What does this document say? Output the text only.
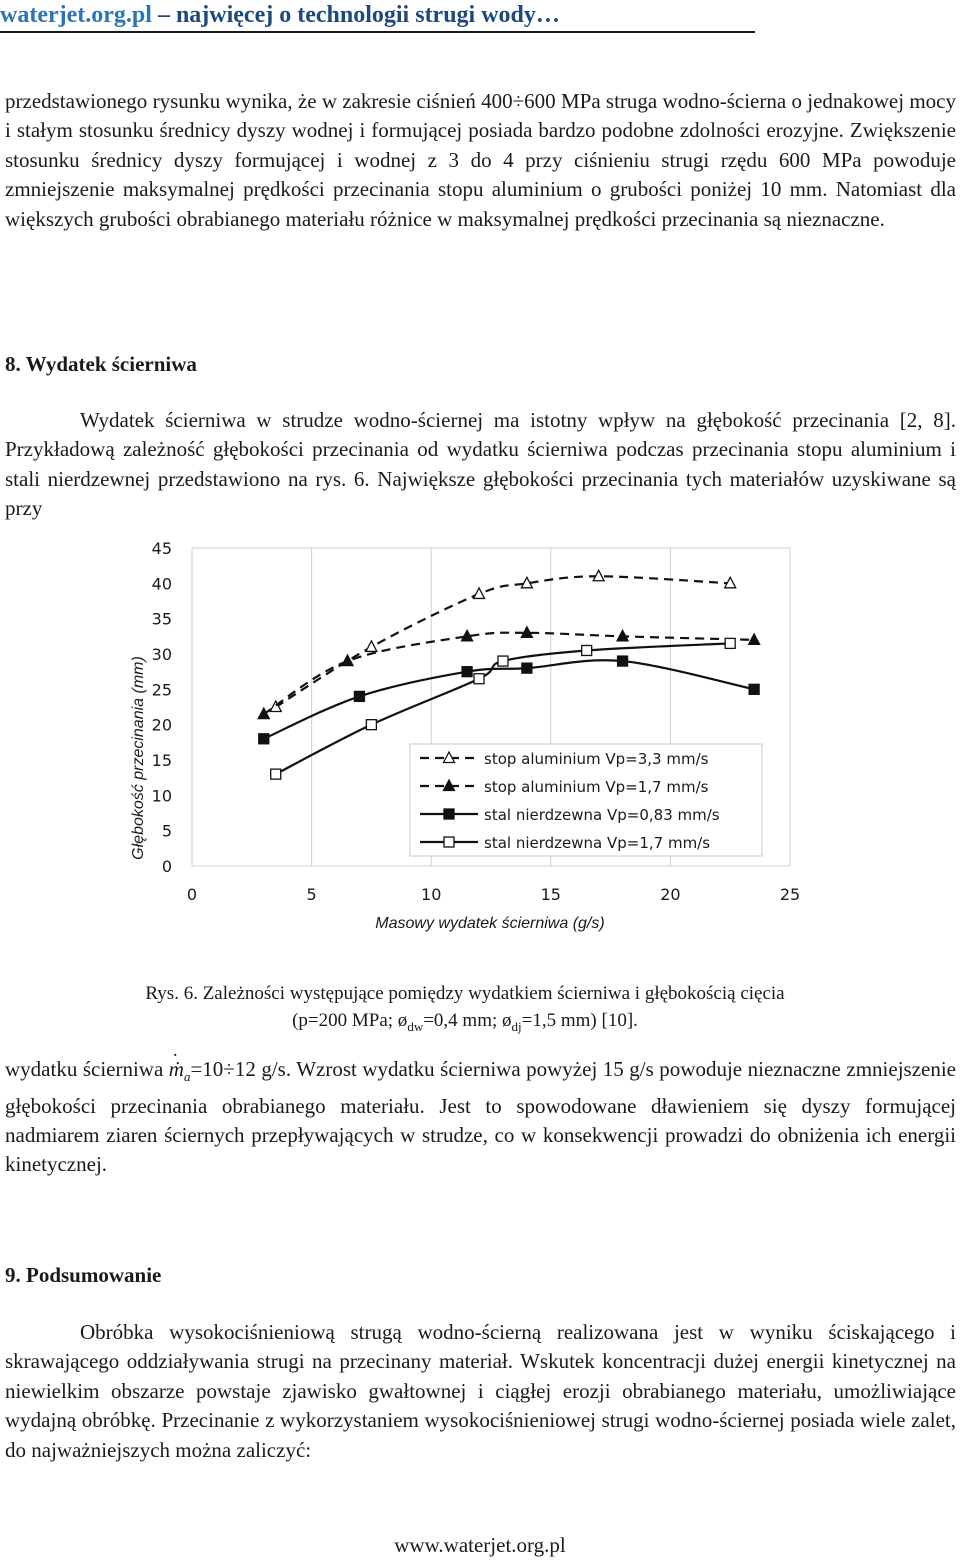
waterjet.org.pl – najwięcej o technologii strugi wody…

przedstawionego rysunku wynika, że w zakresie ciśnień 400÷600 MPa struga wodno-ścierna o jednakowej mocy i stałym stosunku średnicy dyszy wodnej i formującej posiada bardzo podobne zdolności erozyjne. Zwiększenie stosunku średnicy dyszy formującej i wodnej z 3 do 4 przy ciśnieniu strugi rzędu 600 MPa powoduje zmniejszenie maksymalnej prędkości przecinania stopu aluminium o grubości poniżej 10 mm. Natomiast dla większych grubości obrabianego materiału różnice w maksymalnej prędkości przecinania są nieznaczne.

8. Wydatek ścierniwa

Wydatek ścierniwa w strudze wodno-ściernej ma istotny wpływ na głębokość przecinania [2, 8]. Przykładową zależność głębokości przecinania od wydatku ścierniwa podczas przecinania stopu aluminium i stali nierdzewnej przedstawiono na rys. 6. Największe głębokości przecinania tych materiałów uzyskiwane są przy

0	5	10	15	20	25
0
5
10
15
20
25
30
35
40
45
Głębokość przecinania (mm)
Masowy wydatek ścierniwa (g/s)
stop aluminium Vp=3,3 mm/s
stop aluminium Vp=1,7 mm/s
stal nierdzewna Vp=0,83 mm/s
stal nierdzewna Vp=1,7 mm/s
Rys. 6. Zależności występujące pomiędzy wydatkiem ścierniwa i głębokością cięcia
(p=200 MPa; $ø_{dw}=0,4$ mm; $ø_{dj}=1,5$ mm) [10].

wydatku ścierniwa ˙ ṁ$_a$=10÷12 g/s. Wzrost wydatku ścierniwa powyżej 15 g/s powoduje nieznaczne zmniejszenie głębokości przecinania obrabianego materiału. Jest to spowodowane dławieniem się dyszy formującej nadmiarem ziaren ściernych przepływających w strudze, co w konsekwencji prowadzi do obniżenia ich energii kinetycznej.

9. Podsumowanie

Obróbka wysokociśnieniową strugą wodno-ścierną realizowana jest w wyniku ściskającego i skrawającego oddziaływania strugi na przecinany materiał. Wskutek koncentracji dużej energii kinetycznej na niewielkim obszarze powstaje zjawisko gwałtownej i ciągłej erozji obrabianego materiału, umożliwiające wydajną obróbkę. Przecinanie z wykorzystaniem wysokociśnieniowej strugi wodno-ściernej posiada wiele zalet, do najważniejszych można zaliczyć:

www.waterjet.org.pl
